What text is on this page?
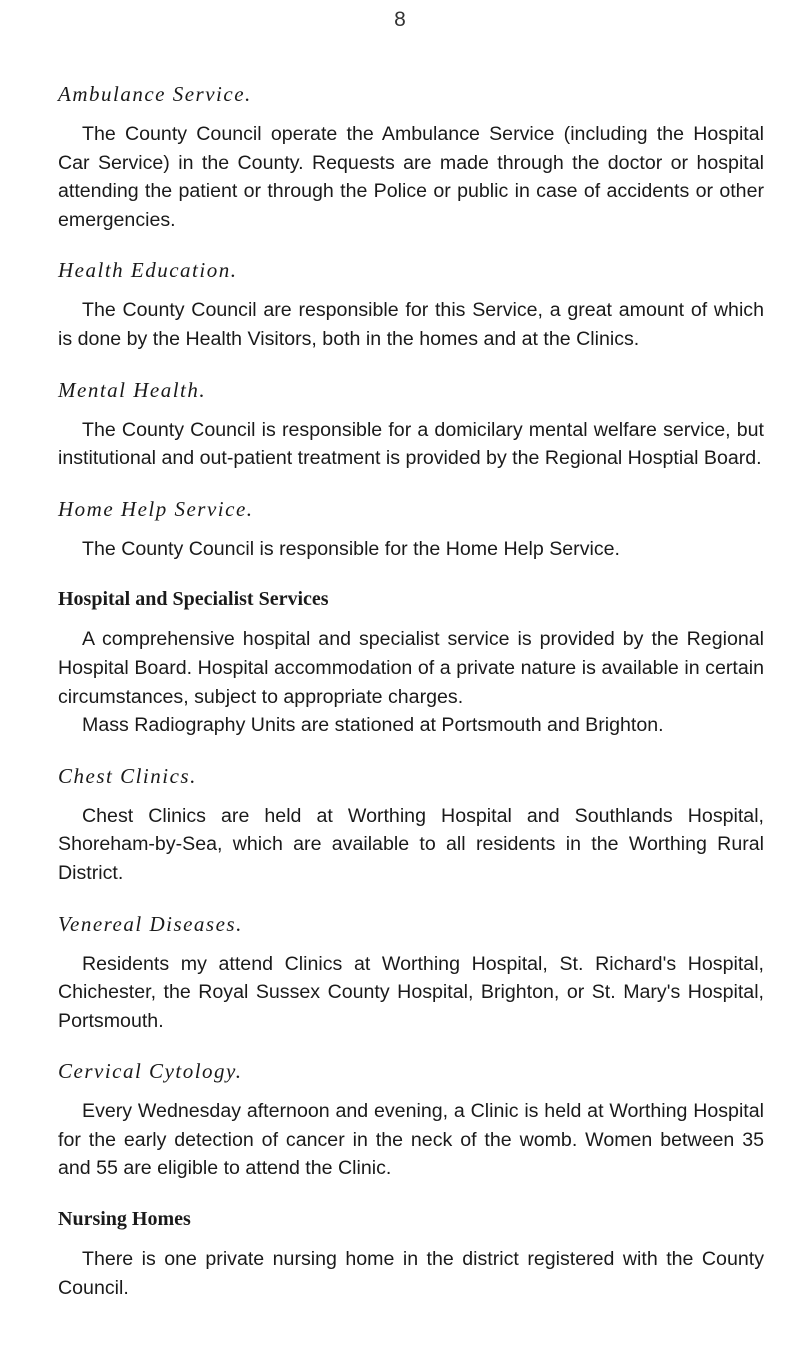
8
Ambulance Service.

The County Council operate the Ambulance Service (including the Hospital Car Service) in the County. Requests are made through the doctor or hospital attending the patient or through the Police or public in case of accidents or other emergencies.

Health Education.

The County Council are responsible for this Service, a great amount of which is done by the Health Visitors, both in the homes and at the Clinics.

Mental Health.

The County Council is responsible for a domicilary mental welfare service, but institutional and out-patient treatment is provided by the Regional Hosptial Board.

Home Help Service.

The County Council is responsible for the Home Help Service.

Hospital and Specialist Services

A comprehensive hospital and specialist service is provided by the Regional Hospital Board. Hospital accommodation of a private nature is available in certain circumstances, subject to appropriate charges.

Mass Radiography Units are stationed at Portsmouth and Brighton.

Chest Clinics.

Chest Clinics are held at Worthing Hospital and Southlands Hospital, Shoreham-by-Sea, which are available to all residents in the Worthing Rural District.

Venereal Diseases.

Residents my attend Clinics at Worthing Hospital, St. Richard's Hospital, Chichester, the Royal Sussex County Hospital, Brighton, or St. Mary's Hospital, Portsmouth.

Cervical Cytology.

Every Wednesday afternoon and evening, a Clinic is held at Worthing Hospital for the early detection of cancer in the neck of the womb. Women between 35 and 55 are eligible to attend the Clinic.

Nursing Homes

There is one private nursing home in the district registered with the County Council.
